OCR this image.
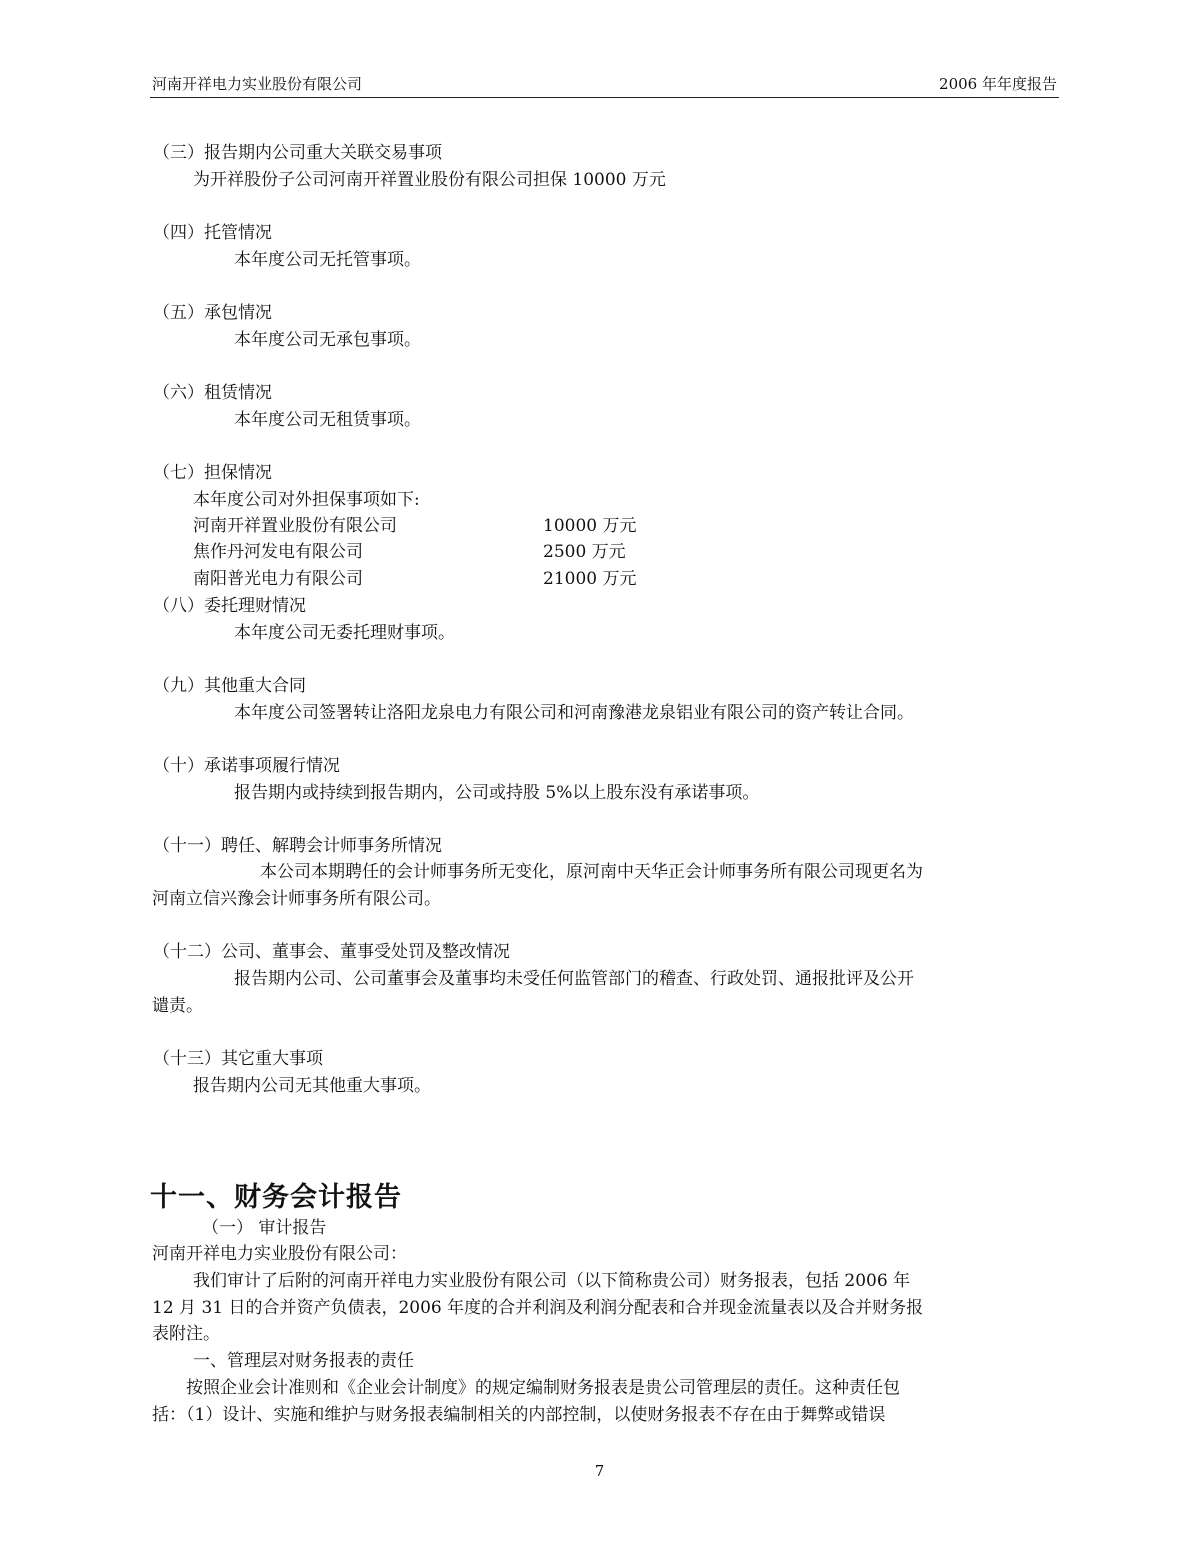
河南开祥电力实业股份有限公司	2006 年年度报告
（三）报告期内公司重大关联交易事项
为开祥股份子公司河南开祥置业股份有限公司担保 10000 万元
（四）托管情况
本年度公司无托管事项。
（五）承包情况
本年度公司无承包事项。
（六）租赁情况
本年度公司无租赁事项。
（七）担保情况
本年度公司对外担保事项如下:
河南开祥置业股份有限公司	10000 万元
焦作丹河发电有限公司	2500 万元
南阳普光电力有限公司	21000 万元
（八）委托理财情况
本年度公司无委托理财事项。
（九）其他重大合同
本年度公司签署转让洛阳龙泉电力有限公司和河南豫港龙泉铝业有限公司的资产转让合同。
（十）承诺事项履行情况
报告期内或持续到报告期内，公司或持股 5%以上股东没有承诺事项。
（十一）聘任、解聘会计师事务所情况
本公司本期聘任的会计师事务所无变化，原河南中天华正会计师事务所有限公司现更名为
河南立信兴豫会计师事务所有限公司。
（十二）公司、董事会、董事受处罚及整改情况
报告期内公司、公司董事会及董事均未受任何监管部门的稽查、行政处罚、通报批评及公开
谴责。
（十三）其它重大事项
报告期内公司无其他重大事项。
十一、财务会计报告
（一） 审计报告
河南开祥电力实业股份有限公司：
我们审计了后附的河南开祥电力实业股份有限公司（以下简称贵公司）财务报表，包括 2006 年
12 月 31 日的合并资产负债表，2006 年度的合并利润及利润分配表和合并现金流量表以及合并财务报
表附注。
一、管理层对财务报表的责任
按照企业会计准则和《企业会计制度》的规定编制财务报表是贵公司管理层的责任。这种责任包
括：（1）设计、实施和维护与财务报表编制相关的内部控制，以使财务报表不存在由于舞弊或错误
7
